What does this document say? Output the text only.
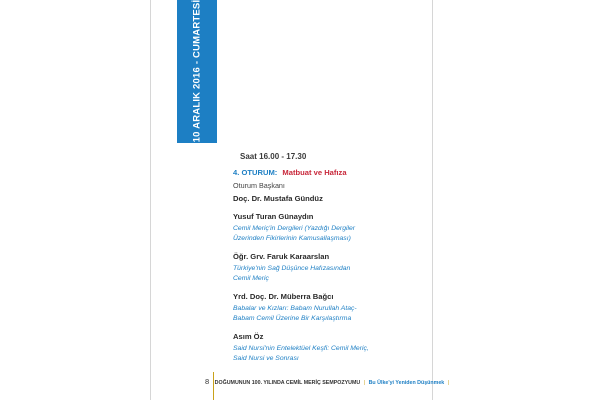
10 ARALIK 2016 - CUMARTESİ
Saat 16.00 - 17.30
4. OTURUM: Matbuat ve Hafıza
Oturum Başkanı
Doç. Dr. Mustafa Gündüz
Yusuf Turan Günaydın
Cemil Meriç'in Dergileri (Yazdığı Dergiler
Üzerinden Fikirlerinin Kamusallaşması)
Öğr. Grv. Faruk Karaarslan
Türkiye'nin Sağ Düşünce Hafızasından
Cemil Meriç
Yrd. Doç. Dr. Müberra Bağcı
Babalar ve Kızları: Babam Nurullah Ataç-
Babam Cemil Üzerine Bir Karşılaştırma
Asım Öz
Said Nursi'nin Entelektüel Keşfi: Cemil Meriç,
Said Nursi ve Sonrası
8 DOĞUMUNUN 100. YILINDA CEMİL MERİÇ SEMPOZYUMU | Bu Ülke'yi Yeniden Düşünmek |
